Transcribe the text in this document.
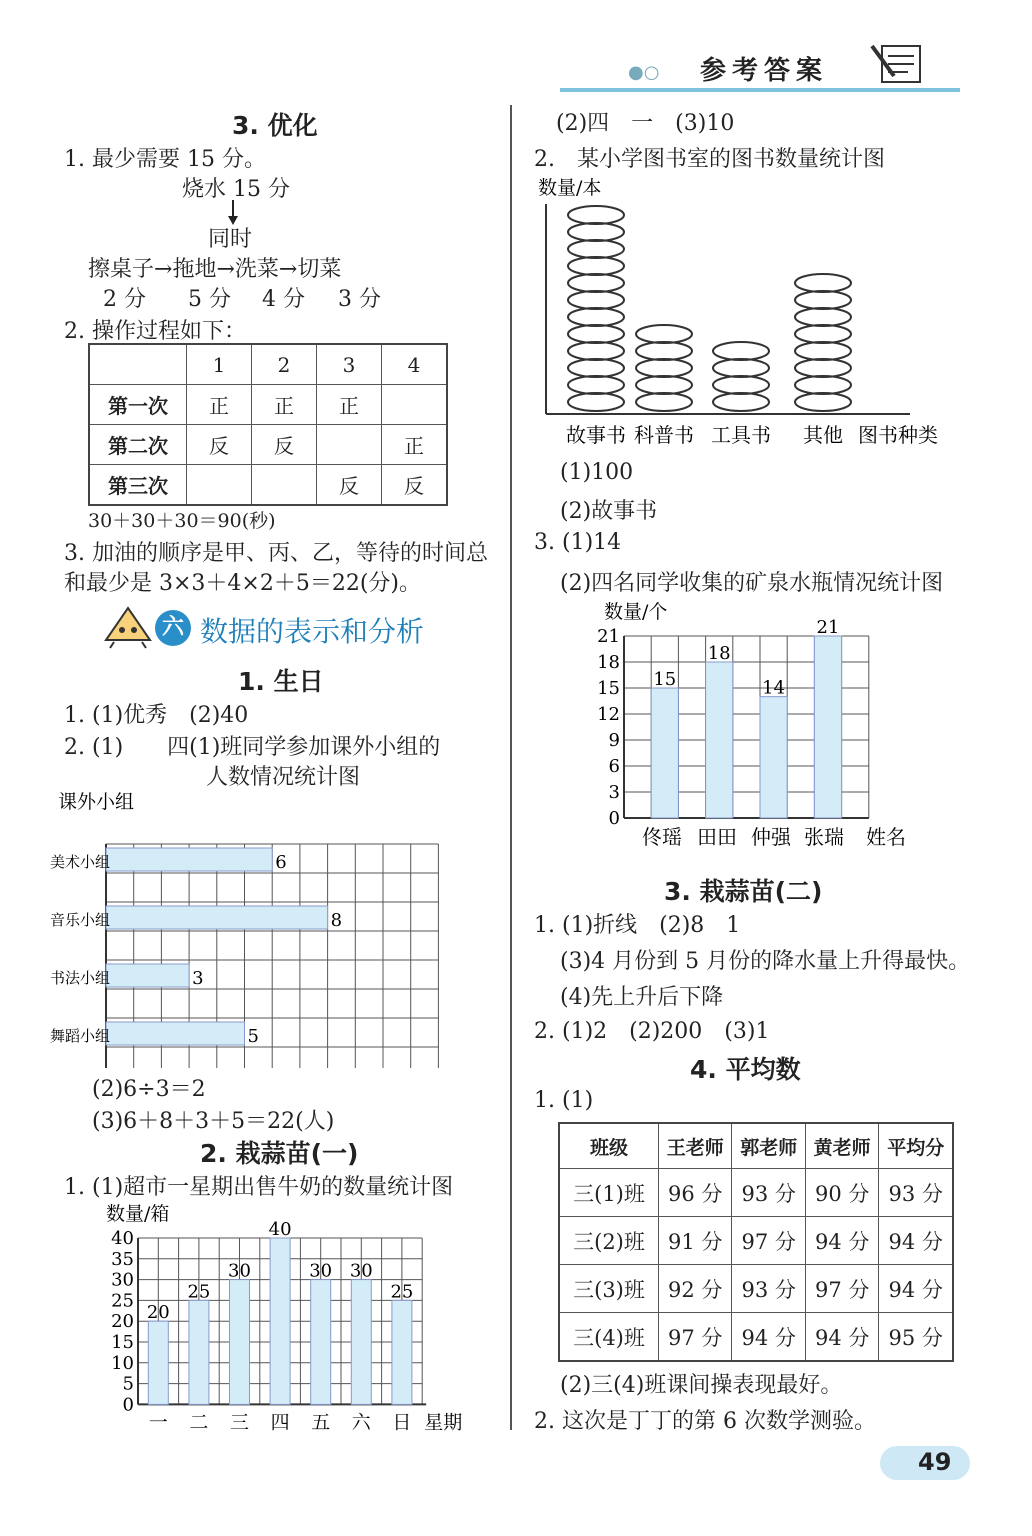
●○ 参考答案
3. 优化
1. 最少需要 15 分。
烧水 15 分
同时
擦桌子→拖地→洗菜→切菜
2 分 5 分 4 分 3 分
2. 操作过程如下：
	1	2	3	4
第一次	正	正	正	
第二次	反	反		正
第三次			反	反
30＋30＋30＝90(秒)
3. 加油的顺序是甲、丙、乙，等待的时间总
和最少是 3×3＋4×2＋5＝22(分)。
六 数据的表示和分析
1. 生日
1. (1)优秀　(2)40
2. (1)　　四(1)班同学参加课外小组的
人数情况统计图
课外小组
6
美术小组
8
音乐小组
3
书法小组
5
舞蹈小组
(2)6÷3＝2
(3)6＋8＋3＋5＝22(人)
2. 栽蒜苗(一)
1. (1)超市一星期出售牛奶的数量统计图
数量/箱
0
5
10
15
20
25
30
35
40
20
一
25
二
30
三
40
四
30
五
30
六
25
日 星期
(2)四　一　(3)10
2.　某小学图书室的图书数量统计图
数量/本
故事书 科普书 工具书 其他 图书种类
(1)100
(2)故事书
3. (1)14
(2)四名同学收集的矿泉水瓶情况统计图
数量/个
0
3
6
9
12
15
18
21
15
佟瑶
18
田田
14
仲强
21
张瑞 姓名
3. 栽蒜苗(二)
1. (1)折线　(2)8　1
(3)4 月份到 5 月份的降水量上升得最快。
(4)先上升后下降
2. (1)2　(2)200　(3)1
4. 平均数
1. (1)
班级	王老师	郭老师	黄老师	平均分
三(1)班	96 分	93 分	90 分	93 分
三(2)班	91 分	97 分	94 分	94 分
三(3)班	92 分	93 分	97 分	94 分
三(4)班	97 分	94 分	94 分	95 分
(2)三(4)班课间操表现最好。
2. 这次是丁丁的第 6 次数学测验。
49
